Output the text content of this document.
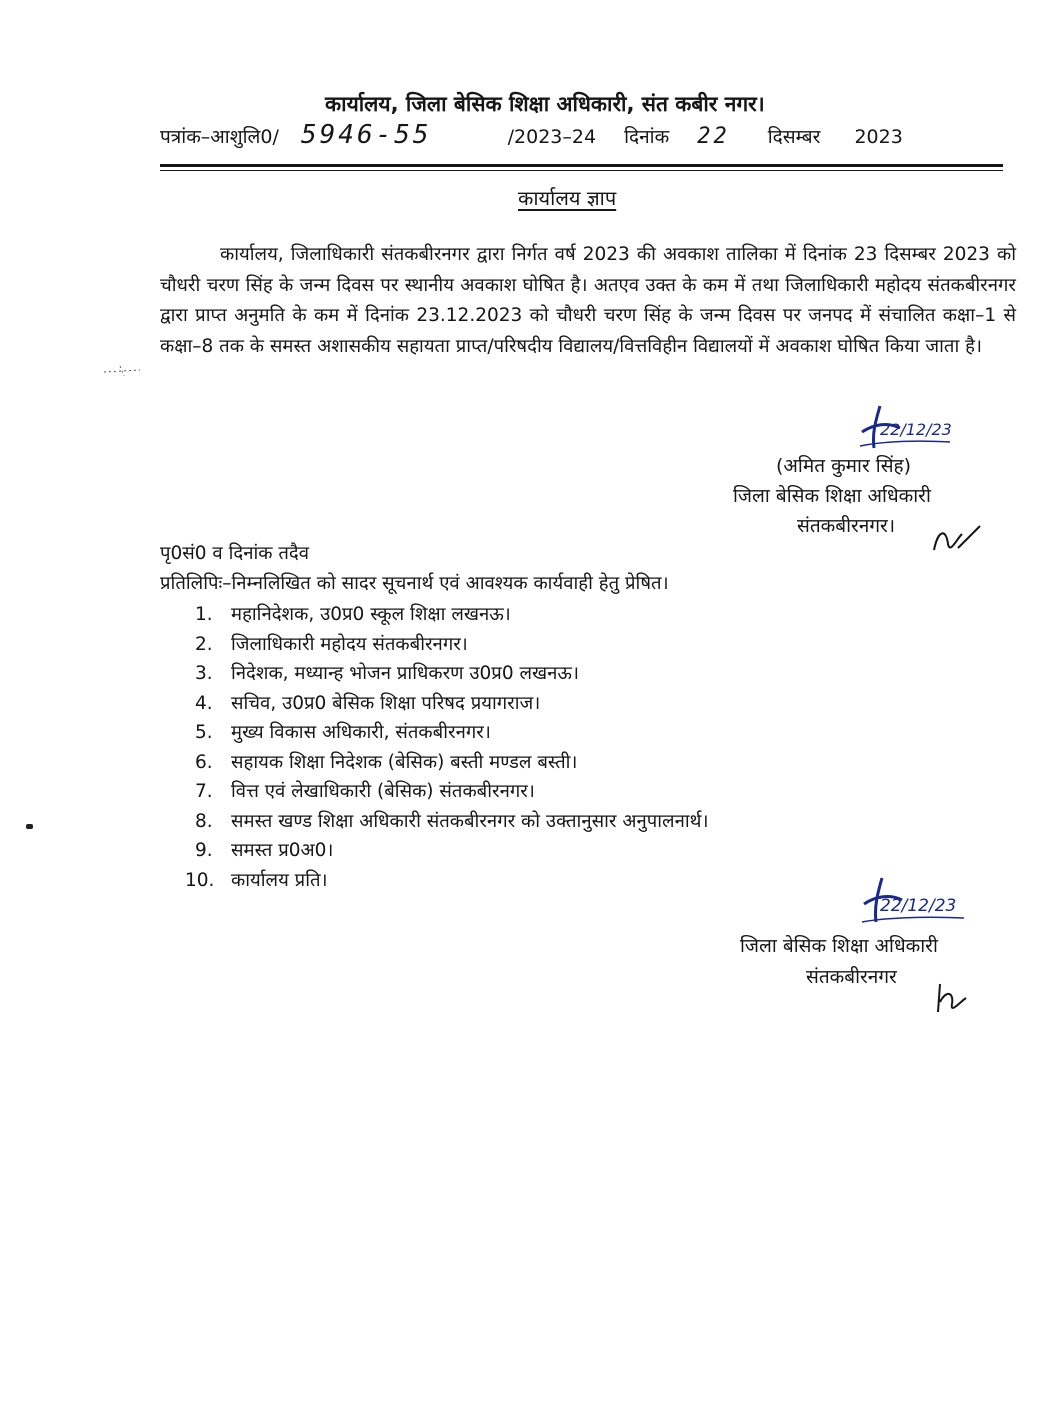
कार्यालय, जिला बेसिक शिक्षा अधिकारी, संत कबीर नगर।
पत्रांक–आशुलि0/ 5946-55	/2023–24 दिनांक 22 दिसम्बर 2023
कार्यालय ज्ञाप
कार्यालय, जिलाधिकारी संतकबीरनगर द्वारा निर्गत वर्ष 2023 की अवकाश तालिका में दिनांक 23 दिसम्बर 2023 को चौधरी चरण सिंह के जन्म दिवस पर स्थानीय अवकाश घोषित है। अतएव उक्त के कम में तथा जिलाधिकारी महोदय संतकबीरनगर द्वारा प्राप्त अनुमति के कम में दिनांक 23.12.2023 को चौधरी चरण सिंह के जन्म दिवस पर जनपद में संचालित कक्षा–1 से कक्षा–8 तक के समस्त अशासकीय सहायता प्राप्त/परिषदीय विद्यालय/वित्तविहीन विद्यालयों में अवकाश घोषित किया जाता है।
22/12/23
(अमित कुमार सिंह)
जिला बेसिक शिक्षा अधिकारी
संतकबीरनगर।
पृ0सं0 व दिनांक तदैव
प्रतिलिपिः–निम्नलिखित को सादर सूचनार्थ एवं आवश्यक कार्यवाही हेतु प्रेषित।
1. महानिदेशक, उ0प्र0 स्कूल शिक्षा लखनऊ।
2. जिलाधिकारी महोदय संतकबीरनगर।
3. निदेशक, मध्यान्ह भोजन प्राधिकरण उ0प्र0 लखनऊ।
4. सचिव, उ0प्र0 बेसिक शिक्षा परिषद प्रयागराज।
5. मुख्य विकास अधिकारी, संतकबीरनगर।
6. सहायक शिक्षा निदेशक (बेसिक) बस्ती मण्डल बस्ती।
7. वित्त एवं लेखाधिकारी (बेसिक) संतकबीरनगर।
8. समस्त खण्ड शिक्षा अधिकारी संतकबीरनगर को उक्तानुसार अनुपालनार्थ।
9. समस्त प्र0अ0।
10. कार्यालय प्रति।
22/12/23
जिला बेसिक शिक्षा अधिकारी
संतकबीरनगर
